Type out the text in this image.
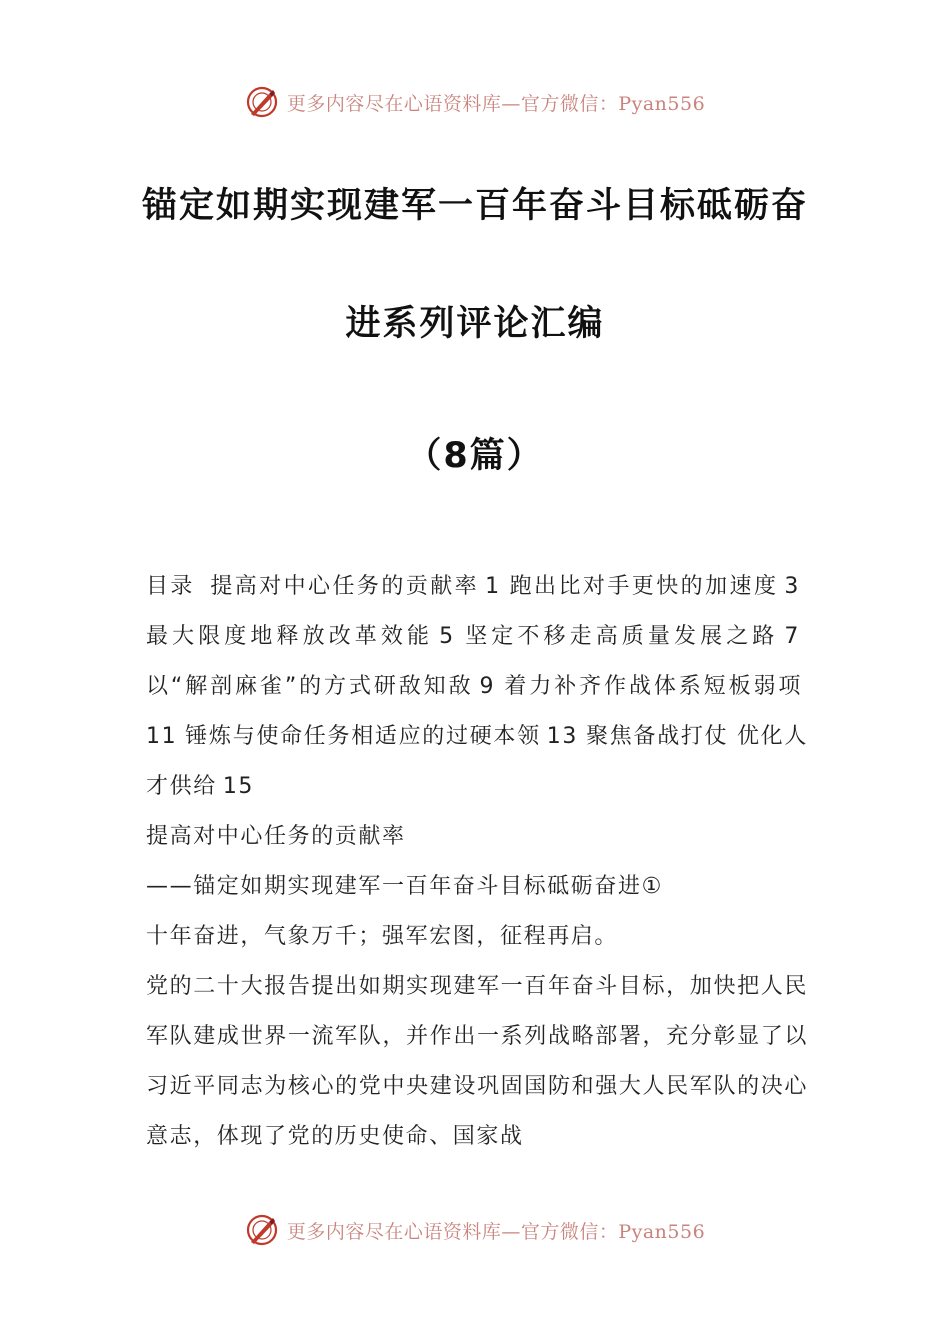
更多内容尽在心语资料库—官方微信：Pyan556
锚定如期实现建军一百年奋斗目标砥砺奋
进系列评论汇编
（8篇）

目录 提高对中心任务的贡献率 1 跑出比对手更快的加速度 3最大限度地释放改革效能 5 坚定不移走高质量发展之路 7以“解剖麻雀”的方式研敌知敌 9 着力补齐作战体系短板弱项11 锤炼与使命任务相适应的过硬本领 13 聚焦备战打仗 优化人才供给 15

提高对中心任务的贡献率

——锚定如期实现建军一百年奋斗目标砥砺奋进①

十年奋进，气象万千；强军宏图，征程再启。

党的二十大报告提出如期实现建军一百年奋斗目标，加快把人民军队建成世界一流军队，并作出一系列战略部署，充分彰显了以习近平同志为核心的党中央建设巩固国防和强大人民军队的决心意志，体现了党的历史使命、国家战

更多内容尽在心语资料库—官方微信：Pyan556
